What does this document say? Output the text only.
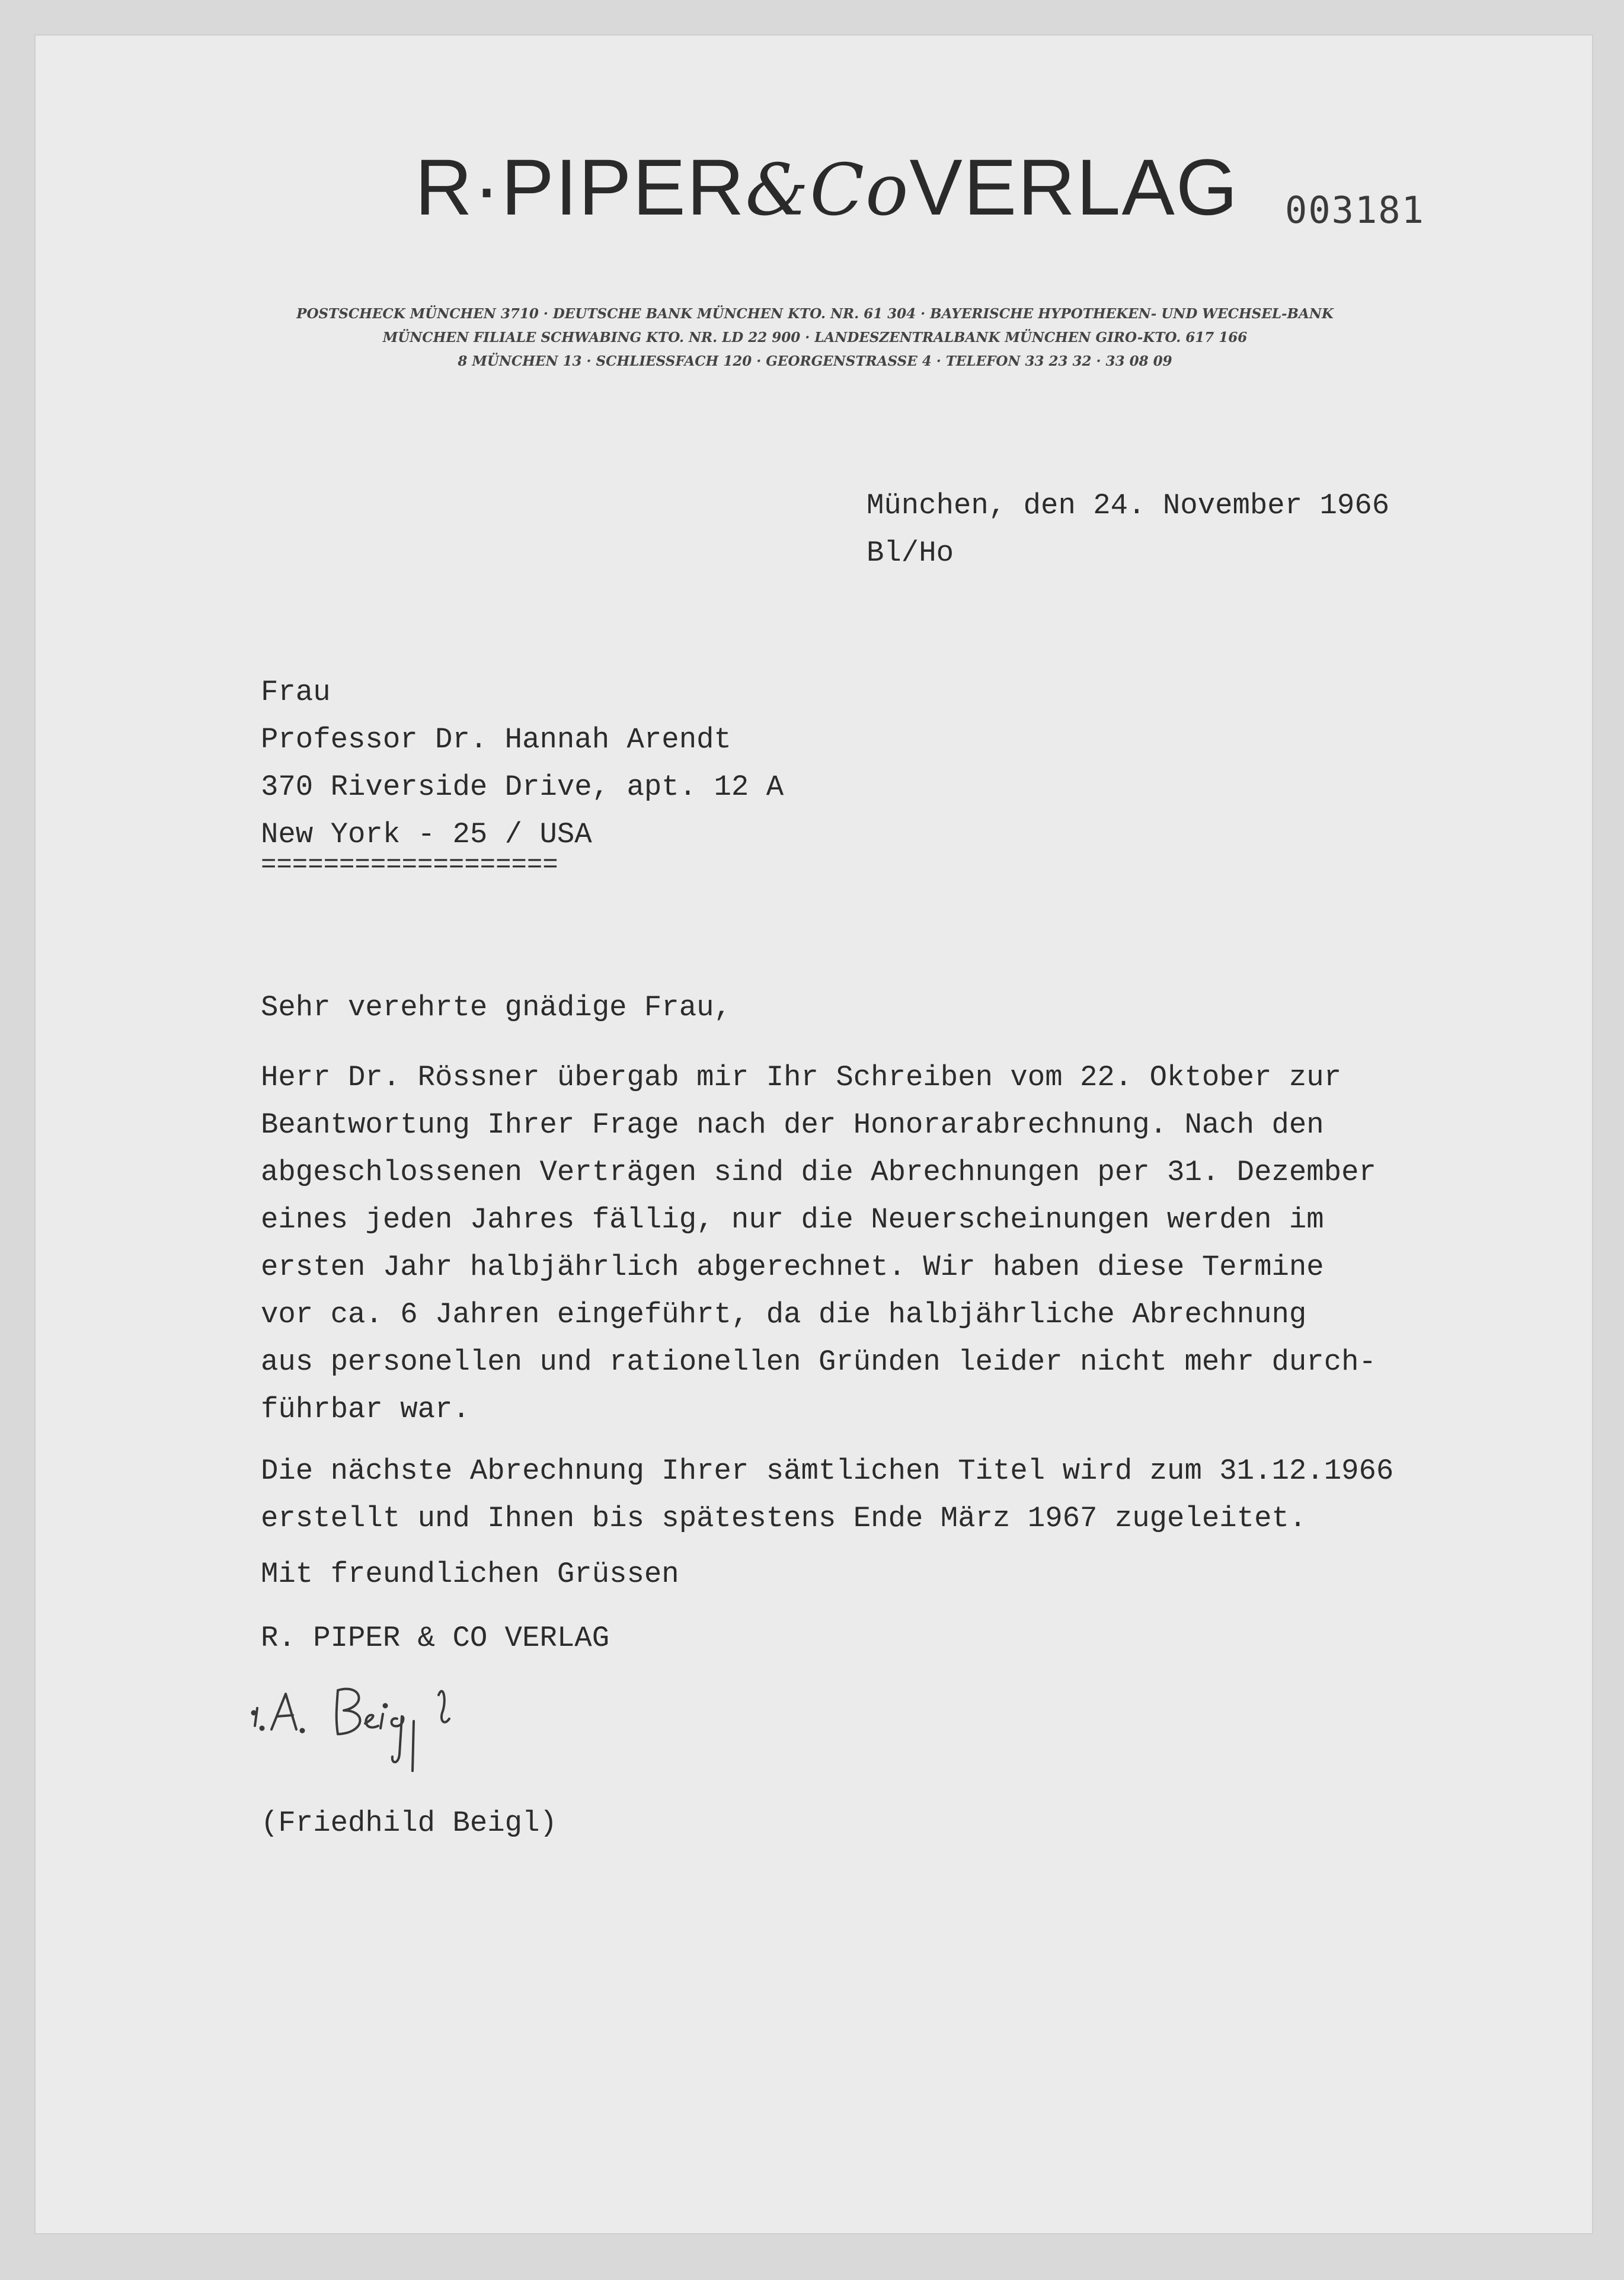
R·PIPER&CoVERLAG 003181
POSTSCHECK MÜNCHEN 3710 · DEUTSCHE BANK MÜNCHEN KTO. NR. 61 304 · BAYERISCHE HYPOTHEKEN- UND WECHSEL-BANK
MÜNCHEN FILIALE SCHWABING KTO. NR. LD 22 900 · LANDESZENTRALBANK MÜNCHEN GIRO-KTO. 617 166
8 MÜNCHEN 13 · SCHLIESSFACH 120 · GEORGENSTRASSE 4 · TELEFON 33 23 32 · 33 08 09
München, den 24. November 1966
Bl/Ho
Frau
Professor Dr. Hannah Arendt
370 Riverside Drive, apt. 12 A
New York - 25 / USA
===================
Sehr verehrte gnädige Frau,
Herr Dr. Rössner übergab mir Ihr Schreiben vom 22. Oktober zur
Beantwortung Ihrer Frage nach der Honorarabrechnung. Nach den
abgeschlossenen Verträgen sind die Abrechnungen per 31. Dezember
eines jeden Jahres fällig, nur die Neuerscheinungen werden im
ersten Jahr halbjährlich abgerechnet. Wir haben diese Termine
vor ca. 6 Jahren eingeführt, da die halbjährliche Abrechnung
aus personellen und rationellen Gründen leider nicht mehr durch-
führbar war.
Die nächste Abrechnung Ihrer sämtlichen Titel wird zum 31.12.1966
erstellt und Ihnen bis spätestens Ende März 1967 zugeleitet.
Mit freundlichen Grüssen
R. PIPER & CO VERLAG
(Friedhild Beigl)
